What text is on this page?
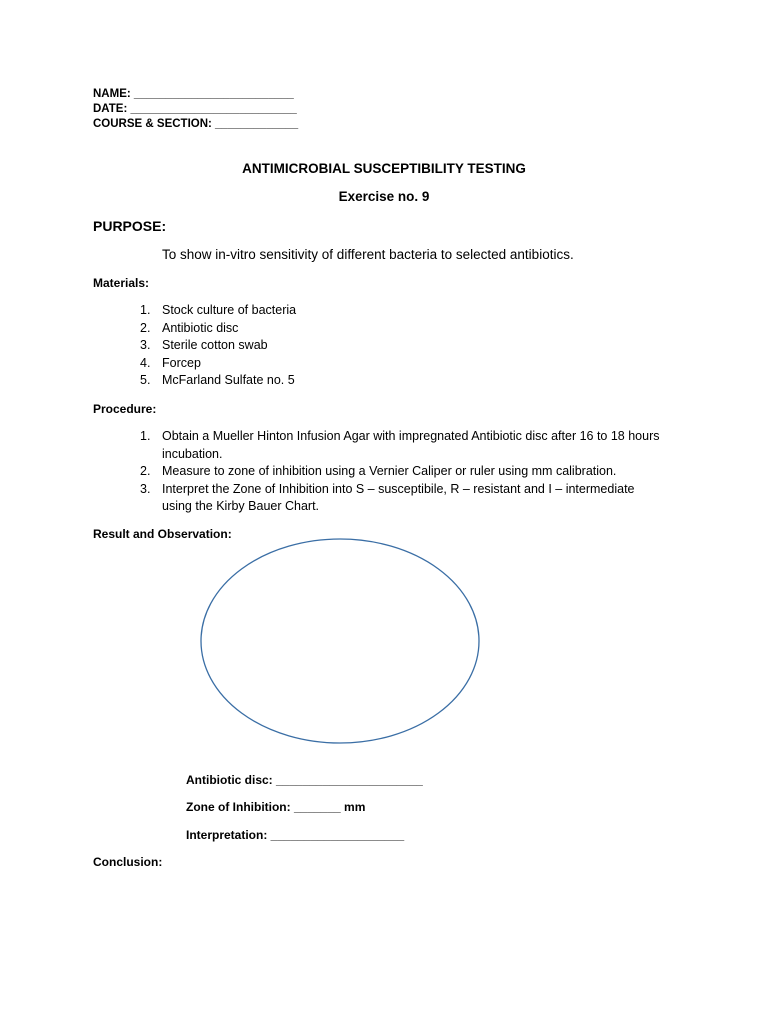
NAME: _________________________
DATE: __________________________
COURSE & SECTION: _____________
ANTIMICROBIAL SUSCEPTIBILITY TESTING
Exercise no. 9
PURPOSE:
To show in-vitro sensitivity of different bacteria to selected antibiotics.
Materials:
1. Stock culture of bacteria
2. Antibiotic disc
3. Sterile cotton swab
4. Forcep
5. McFarland Sulfate no. 5
Procedure:
1. Obtain a Mueller Hinton Infusion Agar with impregnated Antibiotic disc after 16 to 18 hours incubation.
2. Measure to zone of inhibition using a Vernier Caliper or ruler using mm calibration.
3. Interpret the Zone of Inhibition into S – susceptibile, R – resistant and I – intermediate using the Kirby Bauer Chart.
Result and Observation:
Antibiotic disc: ______________________
Zone of Inhibition: _______ mm
Interpretation: ____________________
Conclusion:
